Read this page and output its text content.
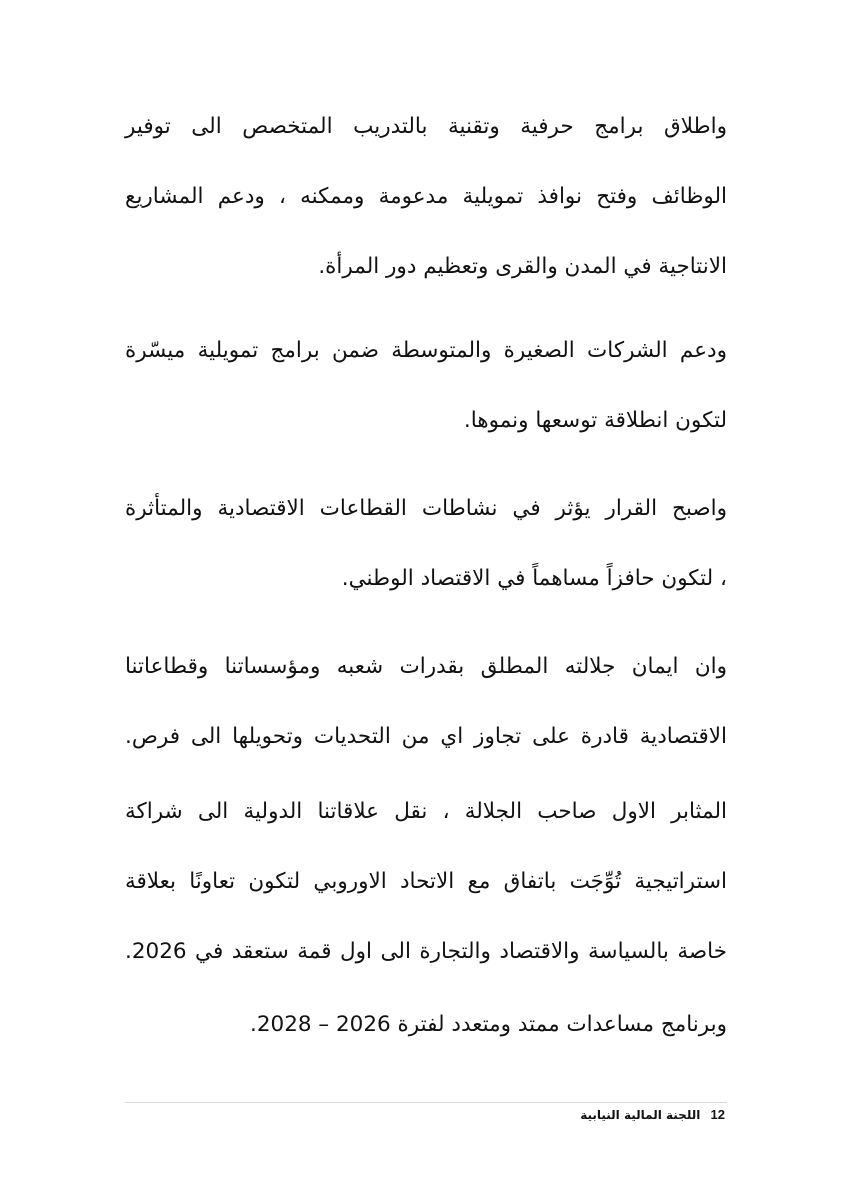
واطلاق برامج حرفية وتقنية بالتدريب المتخصص الى توفير
الوظائف وفتح نوافذ تمويلية مدعومة وممكنه ، ودعم المشاريع
الانتاجية في المدن والقرى وتعظيم دور المرأة.

ودعم الشركات الصغيرة والمتوسطة ضمن برامج تمويلية ميسّرة
لتكون انطلاقة توسعها ونموها.

واصبح القرار يؤثر في نشاطات القطاعات الاقتصادية والمتأثرة
، لتكون حافزاً مساهماً في الاقتصاد الوطني.

وان ايمان جلالته المطلق بقدرات شعبه ومؤسساتنا وقطاعاتنا
الاقتصادية قادرة على تجاوز اي من التحديات وتحويلها الى فرص.

المثابر الاول صاحب الجلالة ، نقل علاقاتنا الدولية الى شراكة
استراتيجية تُوِّجَت باتفاق مع الاتحاد الاوروبي لتكون تعاونًا بعلاقة
خاصة بالسياسة والاقتصاد والتجارة الى اول قمة ستعقد في 2026.

وبرنامج مساعدات ممتد ومتعدد لفترة 2026 – 2028.

12 اللجنة المالية النيابية
